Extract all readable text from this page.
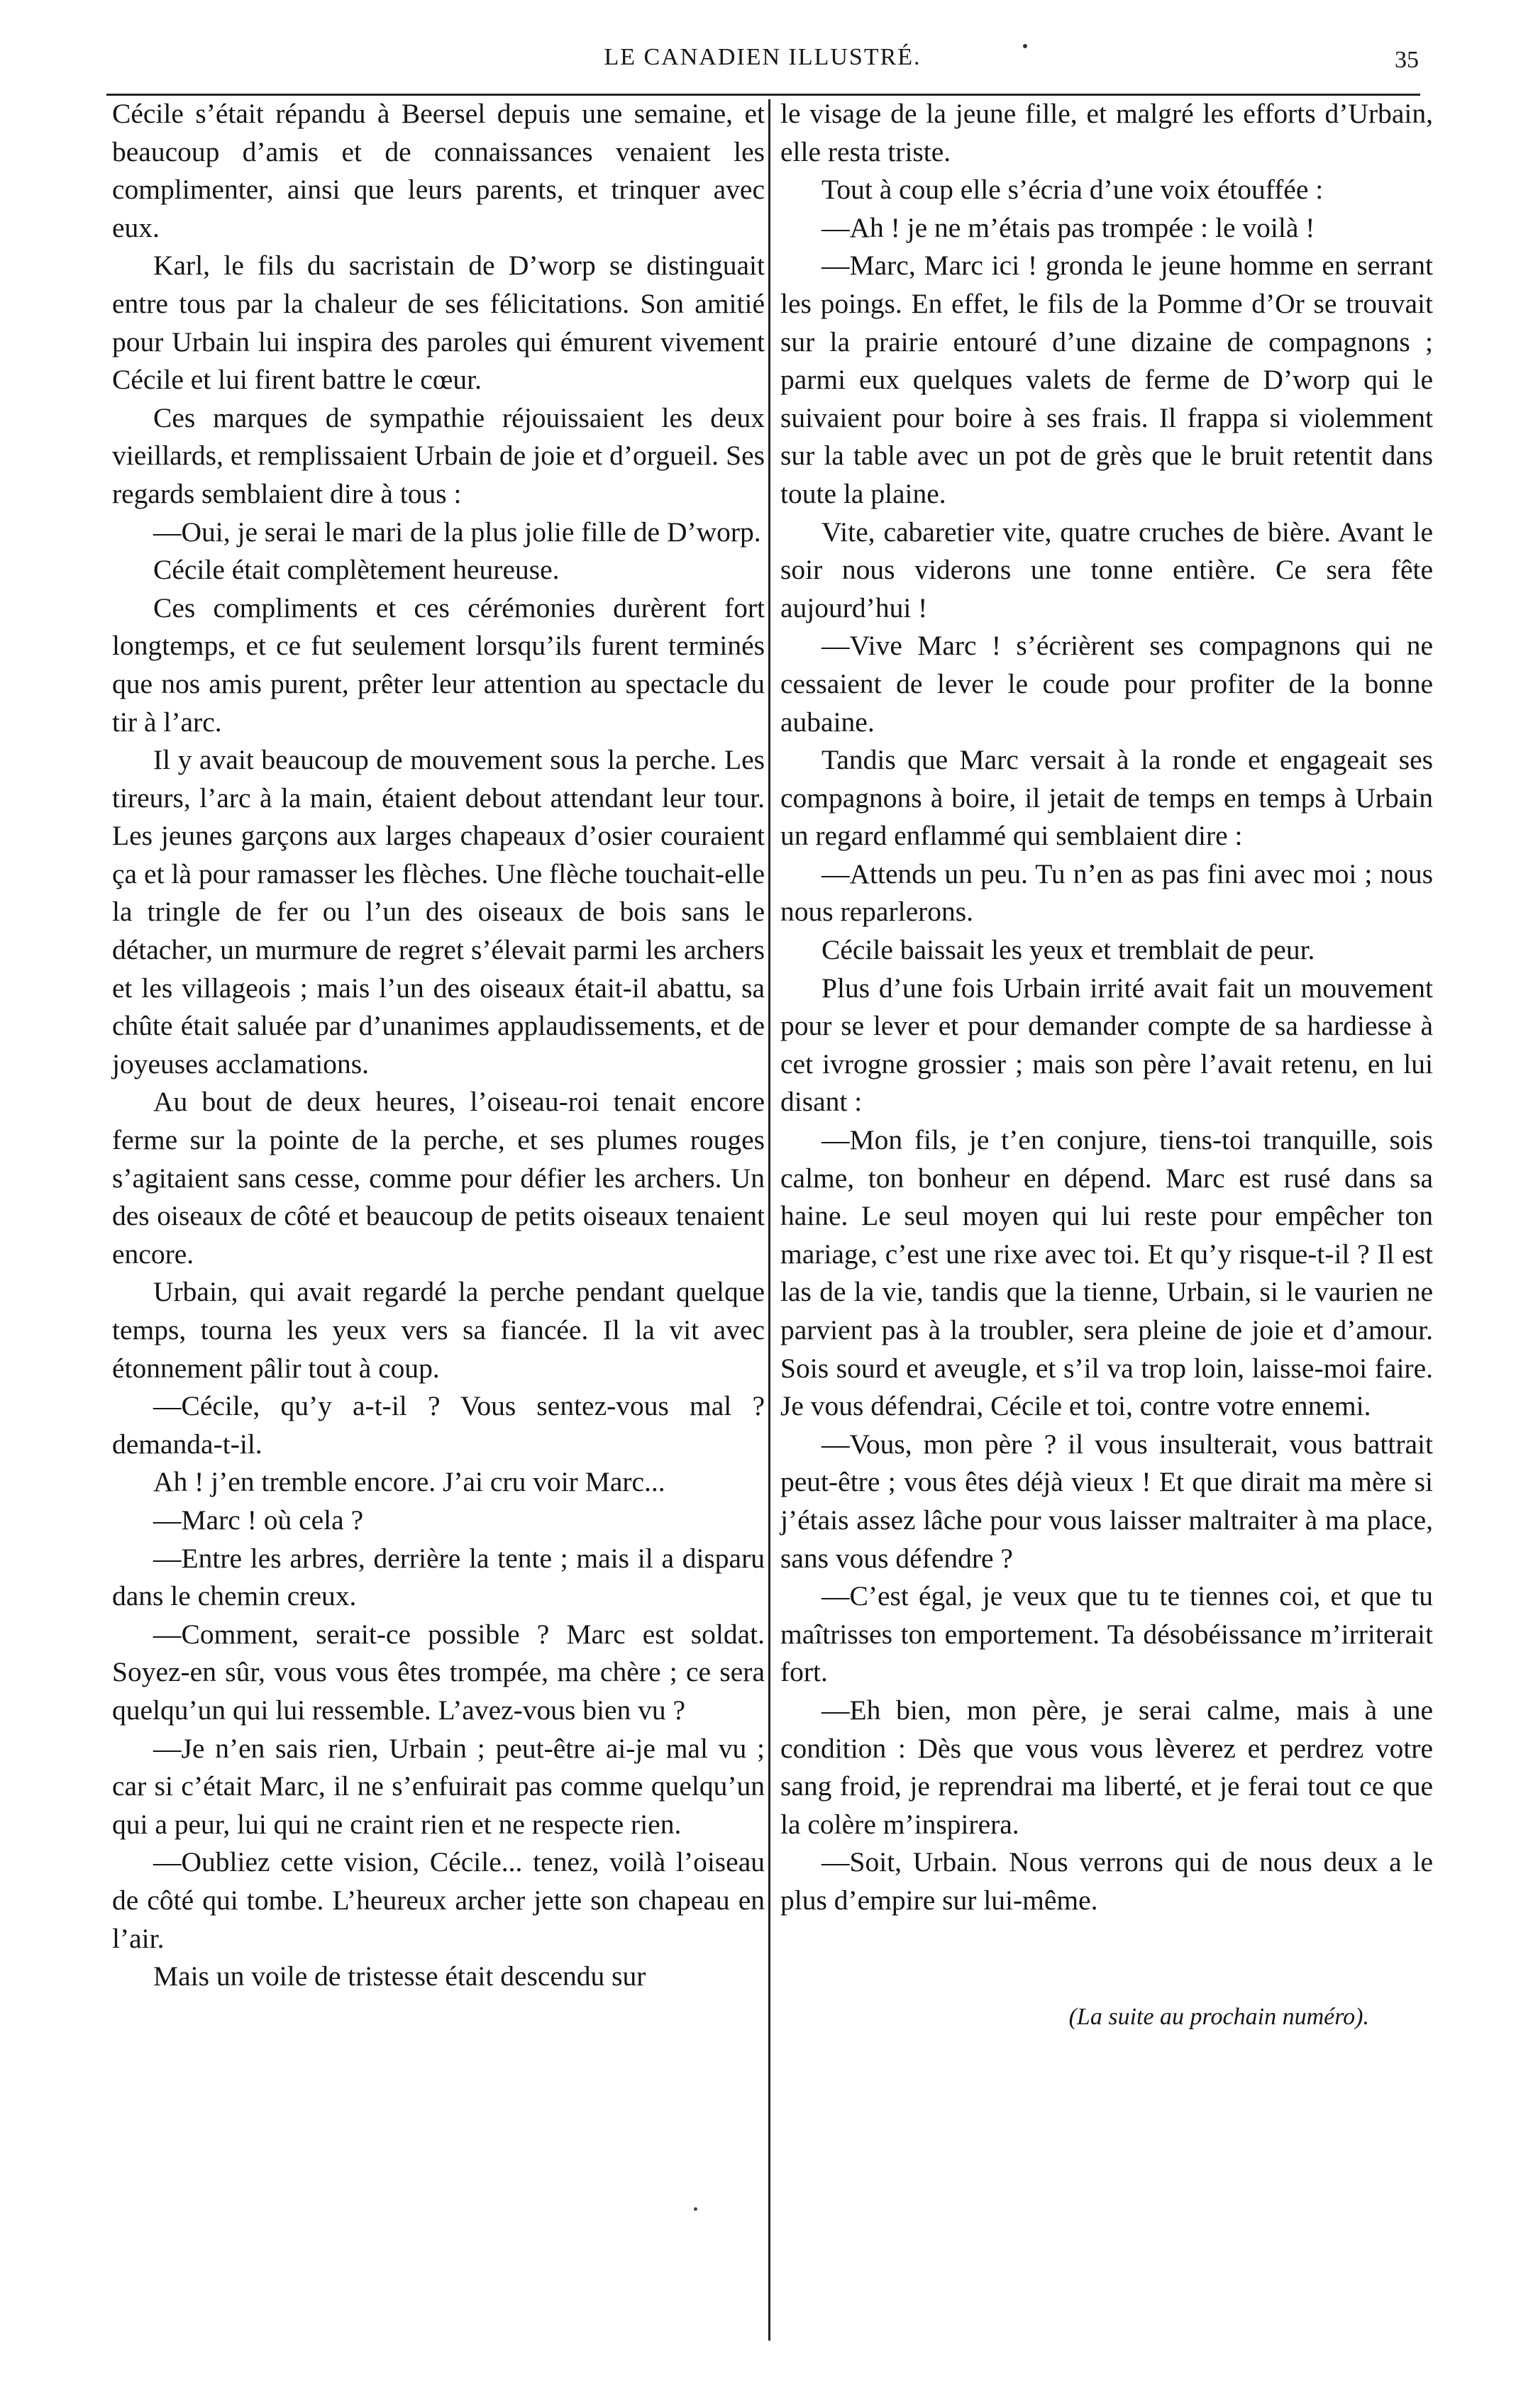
LE CANADIEN ILLUSTRÉ.	35

Cécile s’était répandu à Beersel depuis une semaine, et beaucoup d’amis et de connaissances venaient les complimenter, ainsi que leurs parents, et trinquer avec eux.

Karl, le fils du sacristain de D’worp se distinguait entre tous par la chaleur de ses félicitations. Son amitié pour Urbain lui inspira des paroles qui émurent vivement Cécile et lui firent battre le cœur.

Ces marques de sympathie réjouissaient les deux vieillards, et remplissaient Urbain de joie et d’orgueil. Ses regards semblaient dire à tous :

—Oui, je serai le mari de la plus jolie fille de D’worp.

Cécile était complètement heureuse.

Ces compliments et ces cérémonies durèrent fort longtemps, et ce fut seulement lorsqu’ils furent terminés que nos amis purent, prêter leur attention au spectacle du tir à l’arc.

Il y avait beaucoup de mouvement sous la perche. Les tireurs, l’arc à la main, étaient debout attendant leur tour. Les jeunes garçons aux larges chapeaux d’osier couraient ça et là pour ramasser les flèches. Une flèche touchait-elle la tringle de fer ou l’un des oiseaux de bois sans le détacher, un murmure de regret s’élevait parmi les archers et les villageois ; mais l’un des oiseaux était-il abattu, sa chûte était saluée par d’unanimes applaudissements, et de joyeuses acclamations.

Au bout de deux heures, l’oiseau-roi tenait encore ferme sur la pointe de la perche, et ses plumes rouges s’agitaient sans cesse, comme pour défier les archers. Un des oiseaux de côté et beaucoup de petits oiseaux tenaient encore.

Urbain, qui avait regardé la perche pendant quelque temps, tourna les yeux vers sa fiancée. Il la vit avec étonnement pâlir tout à coup.

—Cécile, qu’y a-t-il ? Vous sentez-vous mal ? demanda-t-il.

Ah ! j’en tremble encore. J’ai cru voir Marc...

—Marc ! où cela ?

—Entre les arbres, derrière la tente ; mais il a disparu dans le chemin creux.

—Comment, serait-ce possible ? Marc est soldat. Soyez-en sûr, vous vous êtes trompée, ma chère ; ce sera quelqu’un qui lui ressemble. L’avez-vous bien vu ?

—Je n’en sais rien, Urbain ; peut-être ai-je mal vu ; car si c’était Marc, il ne s’enfuirait pas comme quelqu’un qui a peur, lui qui ne craint rien et ne respecte rien.

—Oubliez cette vision, Cécile... tenez, voilà l’oiseau de côté qui tombe. L’heureux archer jette son chapeau en l’air.

Mais un voile de tristesse était descendu sur

le visage de la jeune fille, et malgré les efforts d’Urbain, elle resta triste.

Tout à coup elle s’écria d’une voix étouffée :

—Ah ! je ne m’étais pas trompée : le voilà !

—Marc, Marc ici ! gronda le jeune homme en serrant les poings. En effet, le fils de la Pomme d’Or se trouvait sur la prairie entouré d’une dizaine de compagnons ; parmi eux quelques valets de ferme de D’worp qui le suivaient pour boire à ses frais. Il frappa si violemment sur la table avec un pot de grès que le bruit retentit dans toute la plaine.

Vite, cabaretier vite, quatre cruches de bière. Avant le soir nous viderons une tonne entière. Ce sera fête aujourd’hui !

—Vive Marc ! s’écrièrent ses compagnons qui ne cessaient de lever le coude pour profiter de la bonne aubaine.

Tandis que Marc versait à la ronde et engageait ses compagnons à boire, il jetait de temps en temps à Urbain un regard enflammé qui semblaient dire :

—Attends un peu. Tu n’en as pas fini avec moi ; nous nous reparlerons.

Cécile baissait les yeux et tremblait de peur.

Plus d’une fois Urbain irrité avait fait un mouvement pour se lever et pour demander compte de sa hardiesse à cet ivrogne grossier ; mais son père l’avait retenu, en lui disant :

—Mon fils, je t’en conjure, tiens-toi tranquille, sois calme, ton bonheur en dépend. Marc est rusé dans sa haine. Le seul moyen qui lui reste pour empêcher ton mariage, c’est une rixe avec toi. Et qu’y risque-t-il ? Il est las de la vie, tandis que la tienne, Urbain, si le vaurien ne parvient pas à la troubler, sera pleine de joie et d’amour. Sois sourd et aveugle, et s’il va trop loin, laisse-moi faire. Je vous défendrai, Cécile et toi, contre votre ennemi.

—Vous, mon père ? il vous insulterait, vous battrait peut-être ; vous êtes déjà vieux ! Et que dirait ma mère si j’étais assez lâche pour vous laisser maltraiter à ma place, sans vous défendre ?

—C’est égal, je veux que tu te tiennes coi, et que tu maîtrisses ton emportement. Ta désobéissance m’irriterait fort.

—Eh bien, mon père, je serai calme, mais à une condition : Dès que vous vous lèverez et perdrez votre sang froid, je reprendrai ma liberté, et je ferai tout ce que la colère m’inspirera.

—Soit, Urbain. Nous verrons qui de nous deux a le plus d’empire sur lui-même.

(La suite au prochain numéro).
